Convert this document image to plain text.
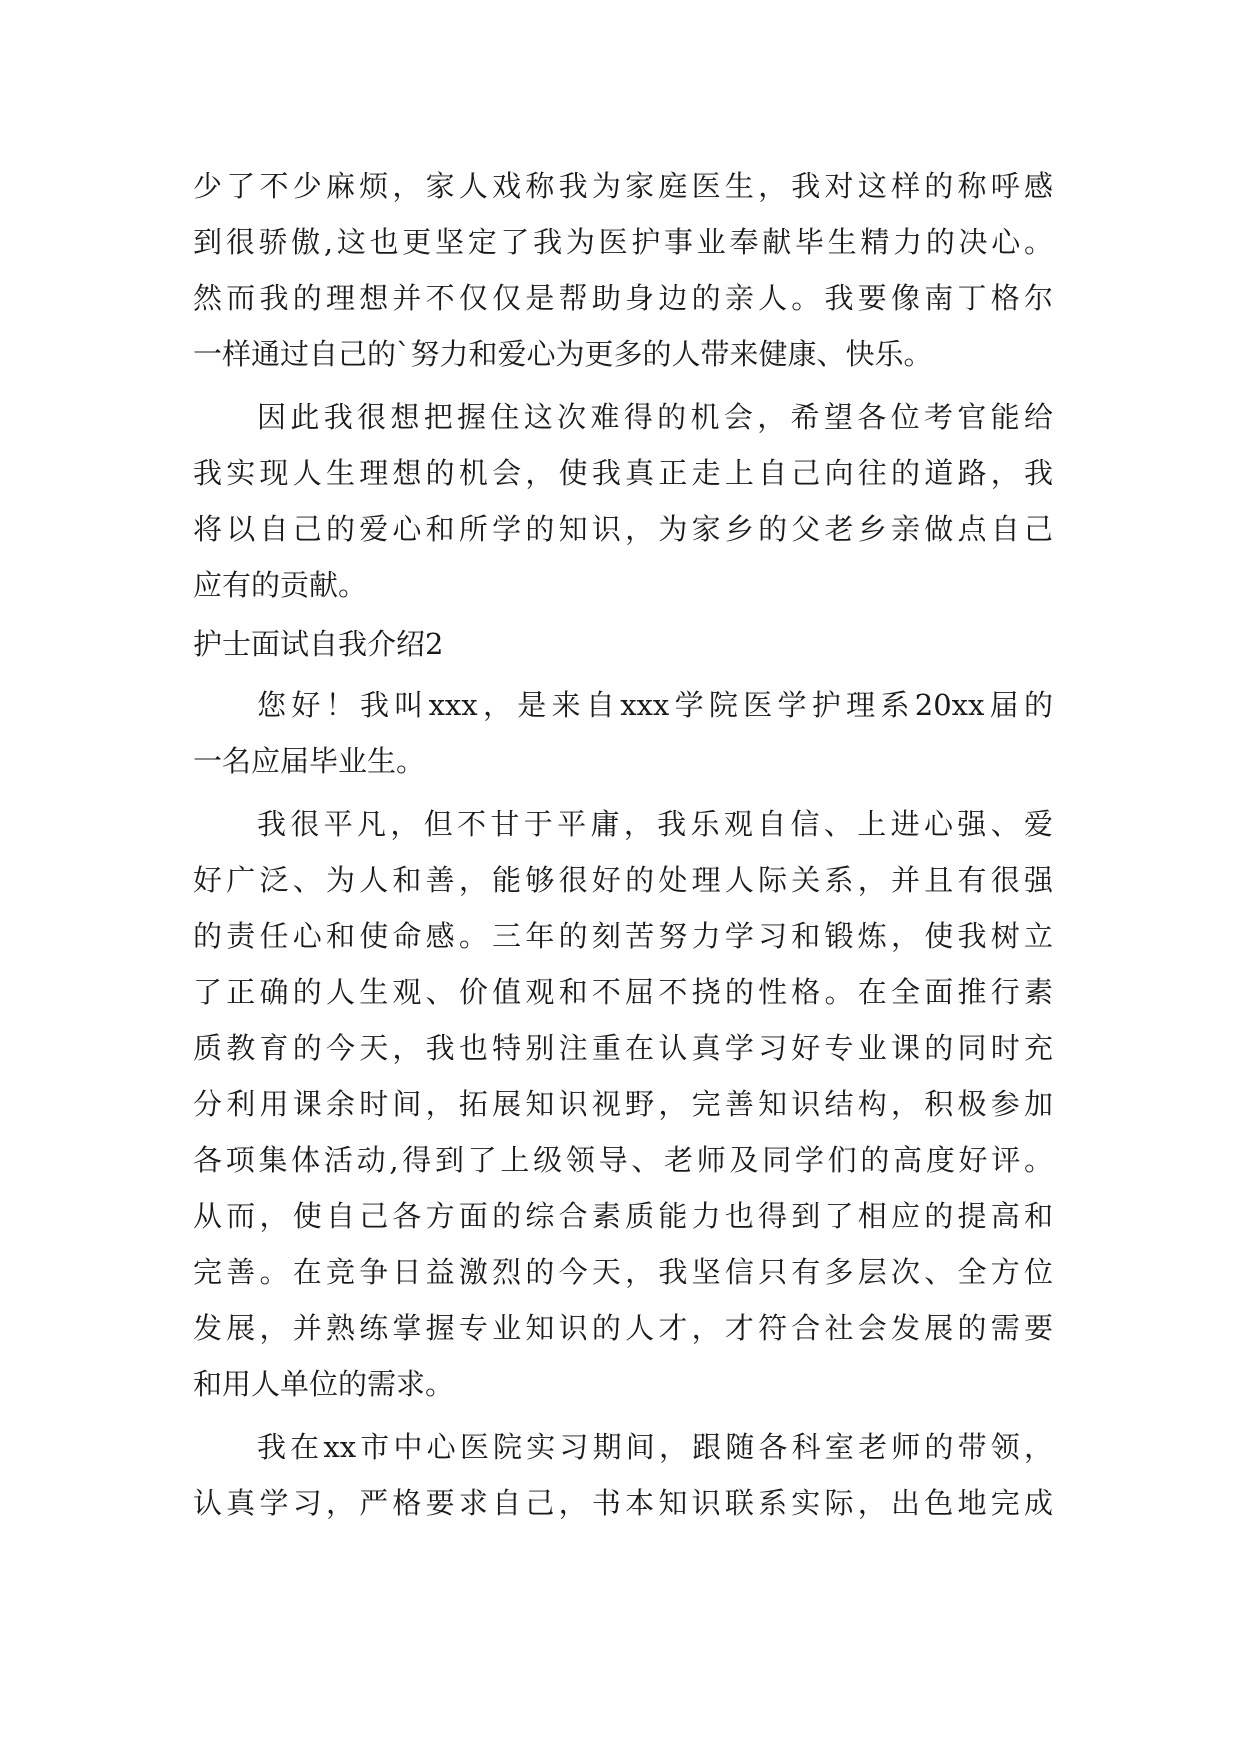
少了不少麻烦，家人戏称我为家庭医生，我对这样的称呼感
到很骄傲,这也更坚定了我为医护事业奉献毕生精力的决心。
然而我的理想并不仅仅是帮助身边的亲人。我要像南丁格尔
一样通过自己的`努力和爱心为更多的人带来健康、快乐。
因此我很想把握住这次难得的机会，希望各位考官能给
我实现人生理想的机会，使我真正走上自己向往的道路，我
将以自己的爱心和所学的知识，为家乡的父老乡亲做点自己
应有的贡献。
护士面试自我介绍2
您好！我叫xxx，是来自xxx学院医学护理系20xx届的
一名应届毕业生。
我很平凡，但不甘于平庸，我乐观自信、上进心强、爱
好广泛、为人和善，能够很好的处理人际关系，并且有很强
的责任心和使命感。三年的刻苦努力学习和锻炼，使我树立
了正确的人生观、价值观和不屈不挠的性格。在全面推行素
质教育的今天，我也特别注重在认真学习好专业课的同时充
分利用课余时间，拓展知识视野，完善知识结构，积极参加
各项集体活动,得到了上级领导、老师及同学们的高度好评。
从而，使自己各方面的综合素质能力也得到了相应的提高和
完善。在竞争日益激烈的今天，我坚信只有多层次、全方位
发展，并熟练掌握专业知识的人才，才符合社会发展的需要
和用人单位的需求。
我在xx市中心医院实习期间，跟随各科室老师的带领，
认真学习，严格要求自己，书本知识联系实际，出色地完成
